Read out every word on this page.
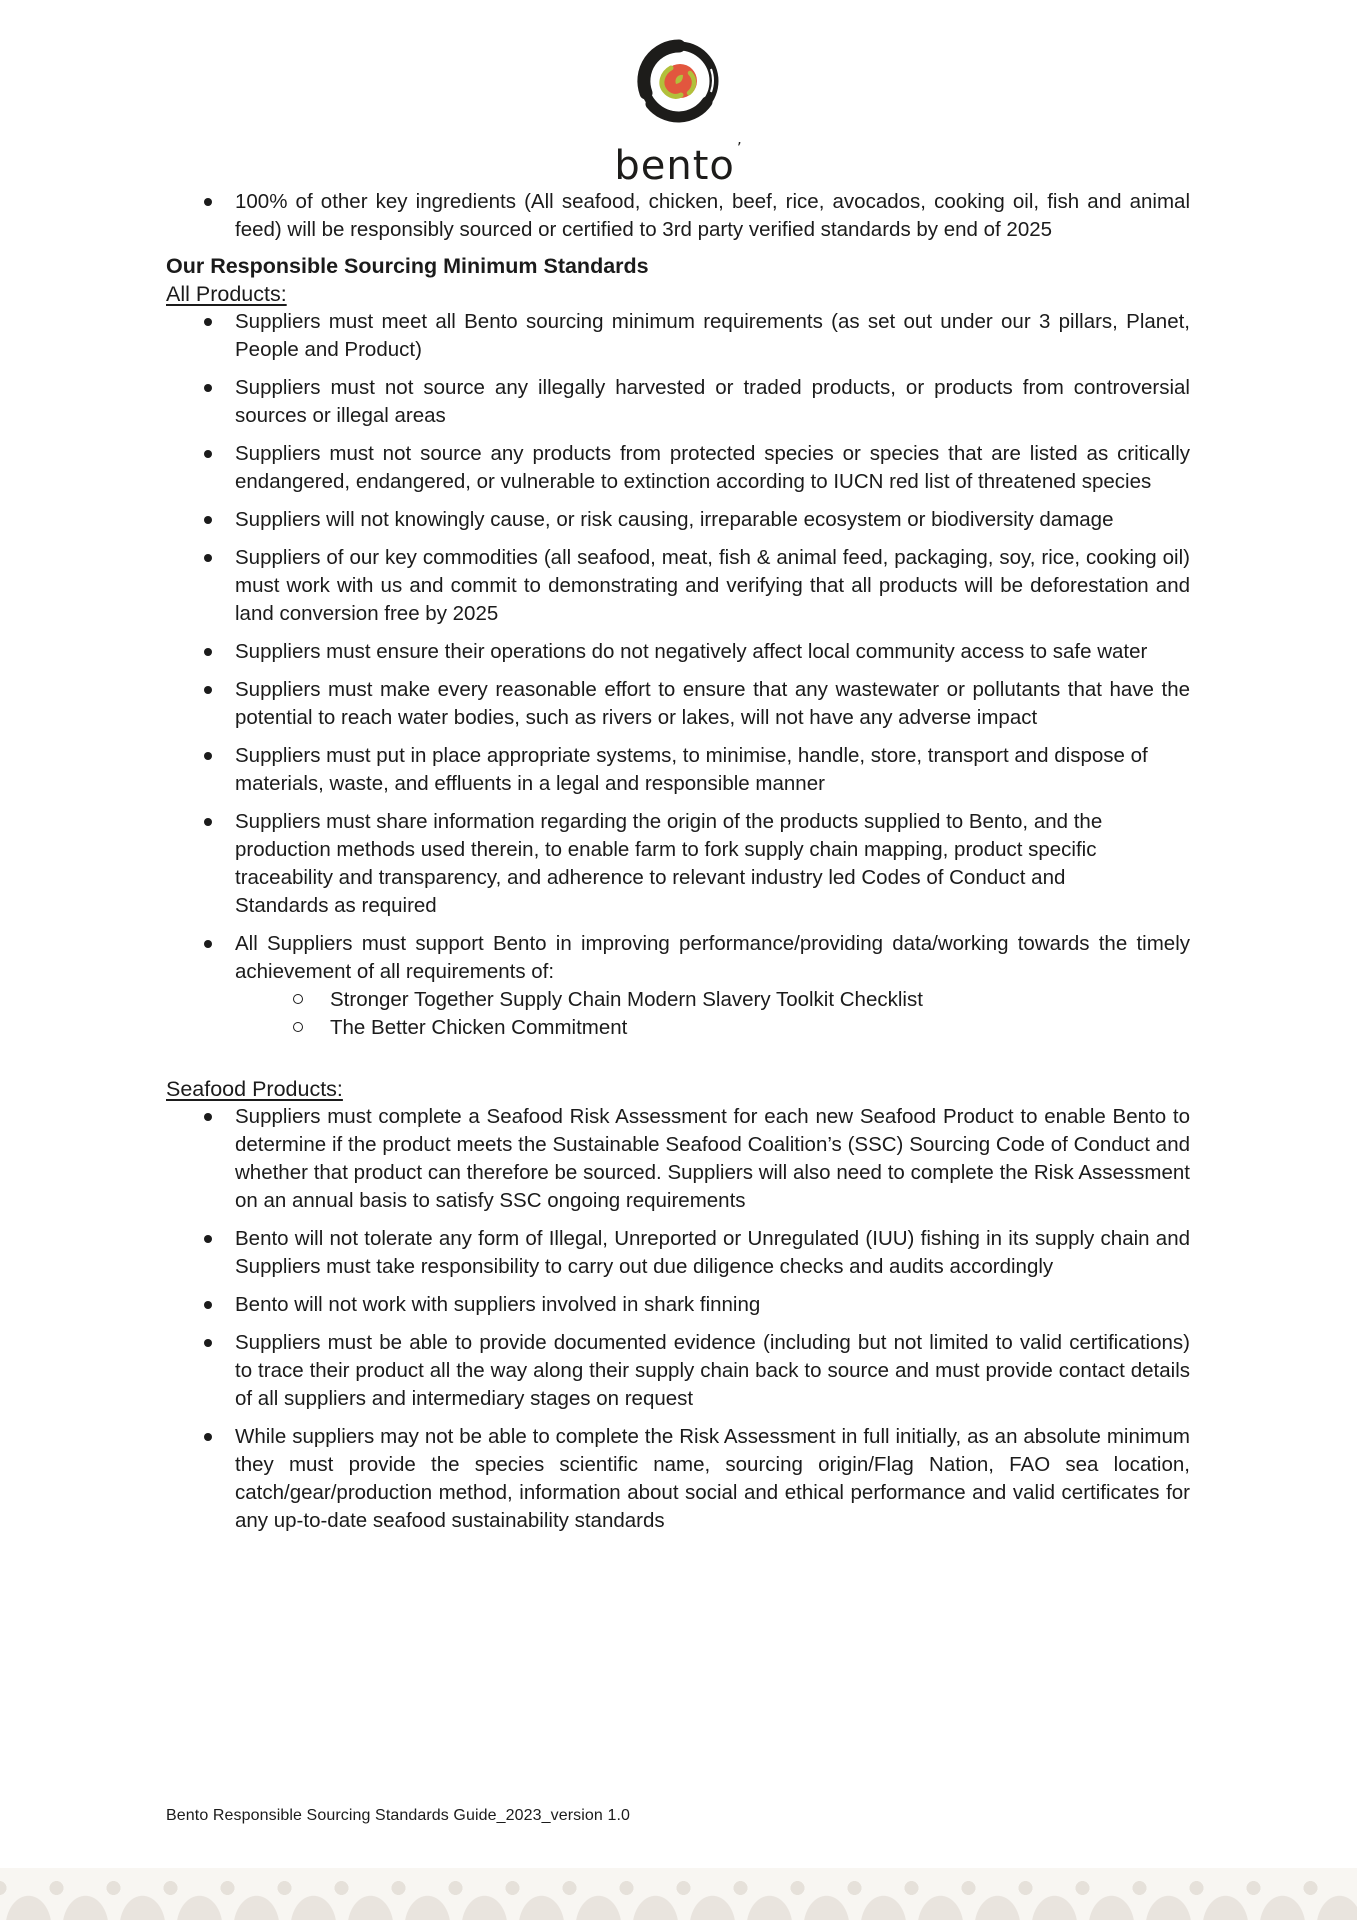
bento ’
100% of other key ingredients (All seafood, chicken, beef, rice, avocados, cooking oil, fish and animal feed) will be responsibly sourced or certified to 3rd party verified standards by end of 2025
Our Responsible Sourcing Minimum Standards
All Products:
Suppliers must meet all Bento sourcing minimum requirements (as set out under our 3 pillars, Planet, People and Product)
Suppliers must not source any illegally harvested or traded products, or products from controversial sources or illegal areas
Suppliers must not source any products from protected species or species that are listed as critically endangered, endangered, or vulnerable to extinction according to IUCN red list of threatened species
Suppliers will not knowingly cause, or risk causing, irreparable ecosystem or biodiversity damage
Suppliers of our key commodities (all seafood, meat, fish & animal feed, packaging, soy, rice, cooking oil) must work with us and commit to demonstrating and verifying that all products will be deforestation and land conversion free by 2025
Suppliers must ensure their operations do not negatively affect local community access to safe water
Suppliers must make every reasonable effort to ensure that any wastewater or pollutants that have the potential to reach water bodies, such as rivers or lakes, will not have any adverse impact
Suppliers must put in place appropriate systems, to minimise, handle, store, transport and dispose of materials, waste, and effluents in a legal and responsible manner
Suppliers must share information regarding the origin of the products supplied to Bento, and the production methods used therein, to enable farm to fork supply chain mapping, product specific traceability and transparency, and adherence to relevant industry led Codes of Conduct and Standards as required
All Suppliers must support Bento in improving performance/providing data/working towards the timely achievement of all requirements of:
Stronger Together Supply Chain Modern Slavery Toolkit Checklist
The Better Chicken Commitment
Seafood Products:
Suppliers must complete a Seafood Risk Assessment for each new Seafood Product to enable Bento to determine if the product meets the Sustainable Seafood Coalition’s (SSC) Sourcing Code of Conduct and whether that product can therefore be sourced. Suppliers will also need to complete the Risk Assessment on an annual basis to satisfy SSC ongoing requirements
Bento will not tolerate any form of Illegal, Unreported or Unregulated (IUU) fishing in its supply chain and Suppliers must take responsibility to carry out due diligence checks and audits accordingly
Bento will not work with suppliers involved in shark finning
Suppliers must be able to provide documented evidence (including but not limited to valid certifications) to trace their product all the way along their supply chain back to source and must provide contact details of all suppliers and intermediary stages on request
While suppliers may not be able to complete the Risk Assessment in full initially, as an absolute minimum they must provide the species scientific name, sourcing origin/Flag Nation, FAO sea location, catch/gear/production method, information about social and ethical performance and valid certificates for any up-to-date seafood sustainability standards
Bento Responsible Sourcing Standards Guide_2023_version 1.0
